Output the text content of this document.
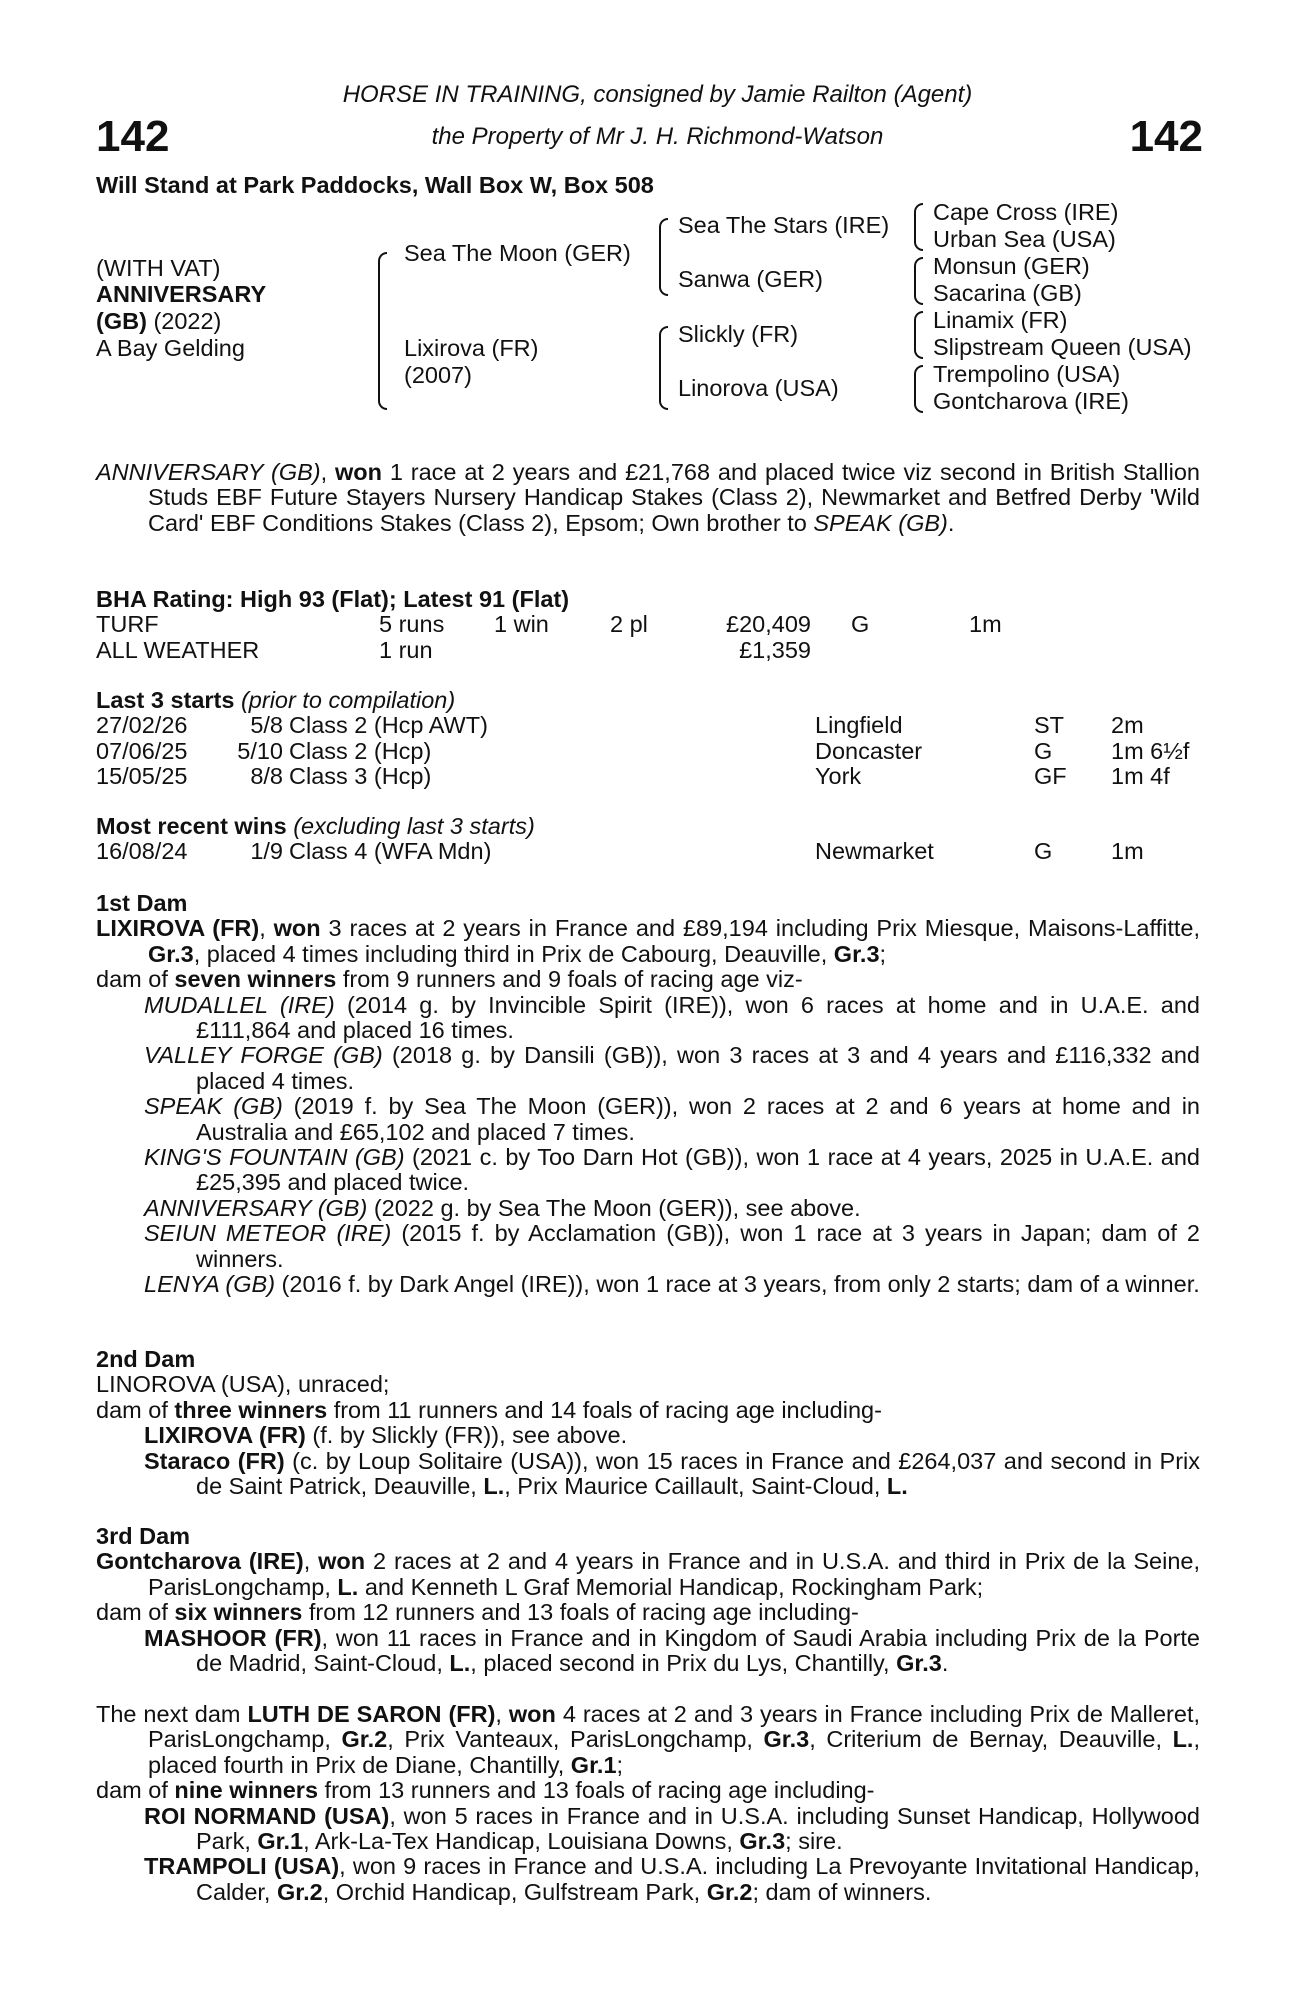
HORSE IN TRAINING, consigned by Jamie Railton (Agent)
the Property of Mr J. H. Richmond-Watson
142	142
Will Stand at Park Paddocks, Wall Box W, Box 508
(WITH VAT)
ANNIVERSARY
(GB) (2022)
A Bay Gelding
Sea The Moon (GER)
Lixirova (FR)
(2007)
Sea The Stars (IRE)
Sanwa (GER)
Slickly (FR)
Linorova (USA)
Cape Cross (IRE)
Urban Sea (USA)
Monsun (GER)
Sacarina (GB)
Linamix (FR)
Slipstream Queen (USA)
Trempolino (USA)
Gontcharova (IRE)
ANNIVERSARY (GB), won 1 race at 2 years and £21,768 and placed twice viz second in British Stallion Studs EBF Future Stayers Nursery Handicap Stakes (Class 2), Newmarket and Betfred Derby 'Wild Card' EBF Conditions Stakes (Class 2), Epsom; Own brother to SPEAK (GB).
BHA Rating: High 93 (Flat); Latest 91 (Flat)
TURF	5 runs 1 win	2 pl	£20,409 G	1m
ALL WEATHER	1 run	£1,359
Last 3 starts (prior to compilation)
27/02/26	5/8 Class 2 (Hcp AWT)	Lingfield	ST 2m
07/06/25 5/10 Class 2 (Hcp)	Doncaster	G 1m 6½f
15/05/25	8/8 Class 3 (Hcp)	York	GF 1m 4f
Most recent wins (excluding last 3 starts)
16/08/24	1/9 Class 4 (WFA Mdn)	Newmarket	G 1m
1st Dam
LIXIROVA (FR), won 3 races at 2 years in France and £89,194 including Prix Miesque, Maisons-Laffitte, Gr.3, placed 4 times including third in Prix de Cabourg, Deauville, Gr.3;
dam of seven winners from 9 runners and 9 foals of racing age viz-
MUDALLEL (IRE) (2014 g. by Invincible Spirit (IRE)), won 6 races at home and in U.A.E. and £111,864 and placed 16 times.
VALLEY FORGE (GB) (2018 g. by Dansili (GB)), won 3 races at 3 and 4 years and £116,332 and placed 4 times.
SPEAK (GB) (2019 f. by Sea The Moon (GER)), won 2 races at 2 and 6 years at home and in Australia and £65,102 and placed 7 times.
KING'S FOUNTAIN (GB) (2021 c. by Too Darn Hot (GB)), won 1 race at 4 years, 2025 in U.A.E. and £25,395 and placed twice.
ANNIVERSARY (GB) (2022 g. by Sea The Moon (GER)), see above.
SEIUN METEOR (IRE) (2015 f. by Acclamation (GB)), won 1 race at 3 years in Japan; dam of 2 winners.
LENYA (GB) (2016 f. by Dark Angel (IRE)), won 1 race at 3 years, from only 2 starts; dam of a winner.
2nd Dam
LINOROVA (USA), unraced;
dam of three winners from 11 runners and 14 foals of racing age including-
LIXIROVA (FR) (f. by Slickly (FR)), see above.
Staraco (FR) (c. by Loup Solitaire (USA)), won 15 races in France and £264,037 and second in Prix de Saint Patrick, Deauville, L., Prix Maurice Caillault, Saint-Cloud, L.
3rd Dam
Gontcharova (IRE), won 2 races at 2 and 4 years in France and in U.S.A. and third in Prix de la Seine, ParisLongchamp, L. and Kenneth L Graf Memorial Handicap, Rockingham Park;
dam of six winners from 12 runners and 13 foals of racing age including-
MASHOOR (FR), won 11 races in France and in Kingdom of Saudi Arabia including Prix de la Porte de Madrid, Saint-Cloud, L., placed second in Prix du Lys, Chantilly, Gr.3.
The next dam LUTH DE SARON (FR), won 4 races at 2 and 3 years in France including Prix de Malleret, ParisLongchamp, Gr.2, Prix Vanteaux, ParisLongchamp, Gr.3, Criterium de Bernay, Deauville, L., placed fourth in Prix de Diane, Chantilly, Gr.1;
dam of nine winners from 13 runners and 13 foals of racing age including-
ROI NORMAND (USA), won 5 races in France and in U.S.A. including Sunset Handicap, Hollywood Park, Gr.1, Ark-La-Tex Handicap, Louisiana Downs, Gr.3; sire.
TRAMPOLI (USA), won 9 races in France and U.S.A. including La Prevoyante Invitational Handicap, Calder, Gr.2, Orchid Handicap, Gulfstream Park, Gr.2; dam of winners.
